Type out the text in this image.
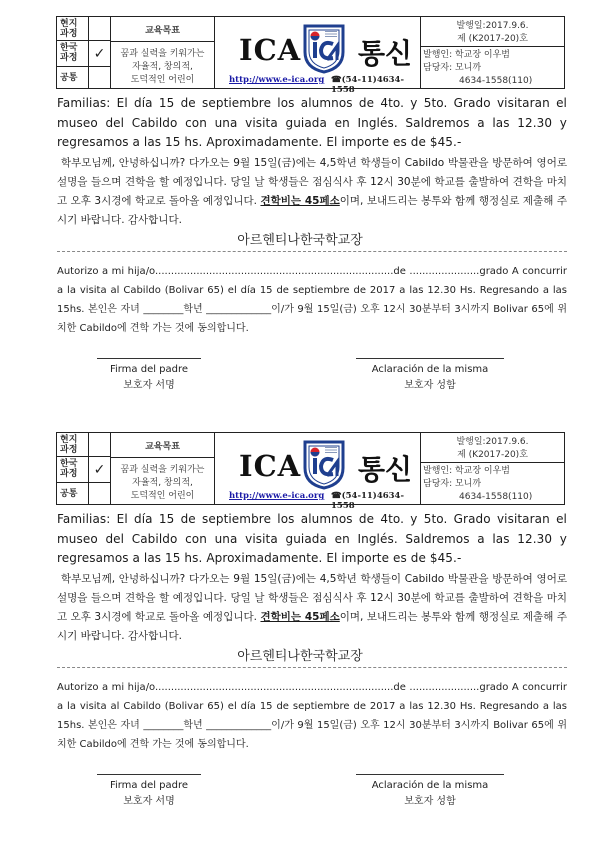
현지
과정
한국
과정	✓
공통
교육목표
꿈과 실력을 키워가는
자율적, 창의적,
도덕적인 어린이
ICA 통신
http://www.e-ica.org ☎(54-11)4634-1558
발행일:2017.9.6.
제 (K2017-20)호
발행인: 학교장 이우범
담당자: 모니까
4634-1558(110)

Familias: El día 15 de septiembre los alumnos de 4to. y 5to. Grado visitaran el museo del Cabildo con una visita guiada en Inglés. Saldremos a las 12.30 y regresamos a las 15 hs. Aproximadamente. El importe es de $45.-

학부모님께, 안녕하십니까? 다가오는 9월 15일(금)에는 4,5학년 학생들이 Cabildo 박물관을 방문하여 영어로 설명을 들으며 견학을 할 예정입니다. 당일 날 학생들은 점심식사 후 12시 30분에 학교를 출발하여 견학을 마치고 오후 3시경에 학교로 돌아올 예정입니다. 견학비는 45페소이며, 보내드리는 봉투와 함께 행정실로 제출해 주시기 바랍니다. 감사합니다.

아르헨티나한국학교장

Autorizo a mi hija/o...........................................................................de ......................grado A concurrir a la visita al Cabildo (Bolivar 65) el día 15 de septiembre de 2017 a las 12.30 Hs. Regresando a las 15hs. 본인은 자녀 ________학년 _____________이/가 9월 15일(금) 오후 12시 30분부터 3시까지 Bolivar 65에 위치한 Cabildo에 견학 가는 것에 동의합니다.

Firma del padre
보호자 서명
Aclaración de la misma
보호자 성함
현지
과정
한국
과정	✓
공통
교육목표
꿈과 실력을 키워가는
자율적, 창의적,
도덕적인 어린이
ICA 통신
http://www.e-ica.org ☎(54-11)4634-1558
발행일:2017.9.6.
제 (K2017-20)호
발행인: 학교장 이우범
담당자: 모니까
4634-1558(110)

Familias: El día 15 de septiembre los alumnos de 4to. y 5to. Grado visitaran el museo del Cabildo con una visita guiada en Inglés. Saldremos a las 12.30 y regresamos a las 15 hs. Aproximadamente. El importe es de $45.-

학부모님께, 안녕하십니까? 다가오는 9월 15일(금)에는 4,5학년 학생들이 Cabildo 박물관을 방문하여 영어로 설명을 들으며 견학을 할 예정입니다. 당일 날 학생들은 점심식사 후 12시 30분에 학교를 출발하여 견학을 마치고 오후 3시경에 학교로 돌아올 예정입니다. 견학비는 45페소이며, 보내드리는 봉투와 함께 행정실로 제출해 주시기 바랍니다. 감사합니다.

아르헨티나한국학교장

Autorizo a mi hija/o...........................................................................de ......................grado A concurrir a la visita al Cabildo (Bolivar 65) el día 15 de septiembre de 2017 a las 12.30 Hs. Regresando a las 15hs. 본인은 자녀 ________학년 _____________이/가 9월 15일(금) 오후 12시 30분부터 3시까지 Bolivar 65에 위치한 Cabildo에 견학 가는 것에 동의합니다.

Firma del padre
보호자 서명
Aclaración de la misma
보호자 성함
